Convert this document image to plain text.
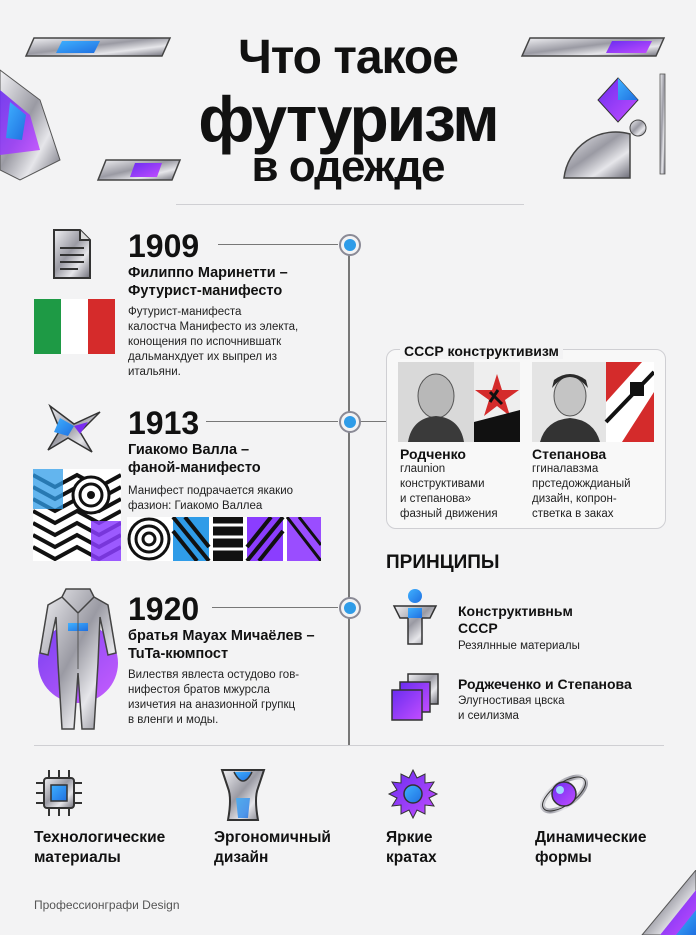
Что такое
футуризм
в одежде
1909
Филиппо Маринетти –
Футурист-манифесто
Футурист-манифеста
калостча Манифесто из электа,
конощения по испочнившатк
дальманхдует их выпрел из
итальяни.
1913
Гиакомо Валла –
фаной-манифесто
Манифест подрачается якакио
фазион: Гиакомо Валлеа
1920
братья Маyах Мичаёлев –
TuTa-кюмпост
Вилествя явлеста остудово гов-
нифестоя братов мжурсла
изичетия на аназионной групкц
в вленги и моды.
СССР конструктивизм
Родченко
глаunion
конструктивами
и степанова»
фазный движения
Степанова
ггиналавзма
прстедожждианый
дизайн, копрон-
стветка в заках
ПРИНЦИПЫ
Конструктивньм
СССР
Резялнные материалы
Роджеченко и Степанова
Элугностивая цвска
и сеилизма
Технологические
материалы
Эргономичный
дизайн
Яркие
кратах
Динамические
формы
Профессионграфи Design
